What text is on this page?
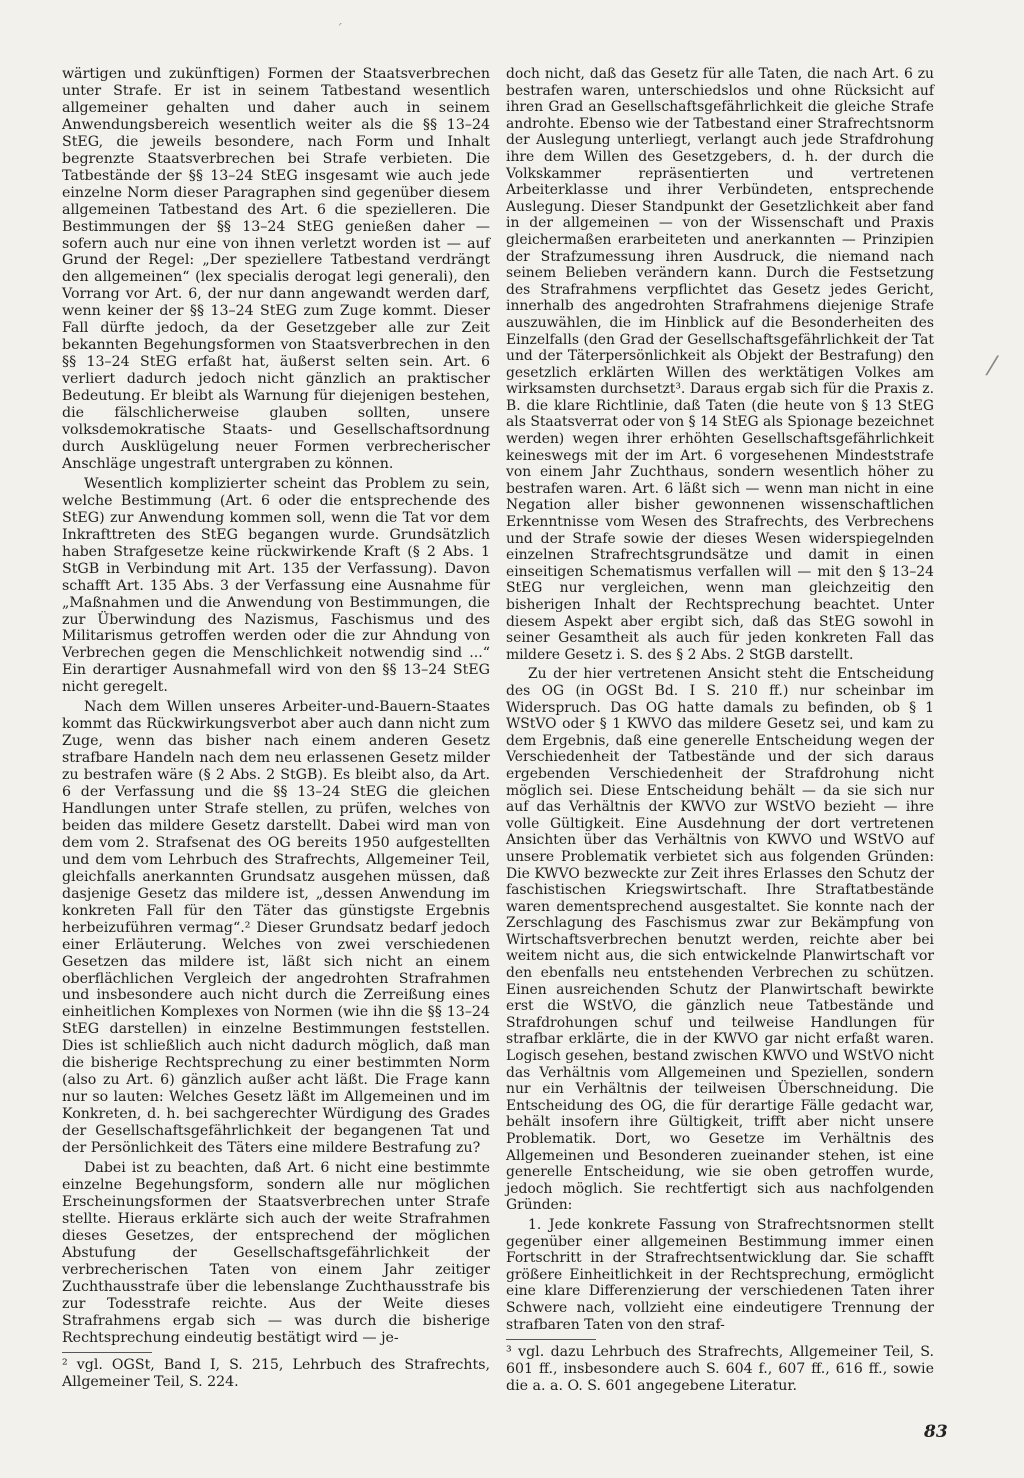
´
⁄

wärtigen und zukünftigen) Formen der Staatsverbrechen unter Strafe. Er ist in seinem Tatbestand wesentlich allgemeiner gehalten und daher auch in seinem Anwendungsbereich wesentlich weiter als die §§ 13–24 StEG, die jeweils besondere, nach Form und Inhalt begrenzte Staatsverbrechen bei Strafe verbieten. Die Tatbestände der §§ 13–24 StEG insgesamt wie auch jede einzelne Norm dieser Paragraphen sind gegenüber diesem allgemeinen Tatbestand des Art. 6 die spezielleren. Die Bestimmungen der §§ 13–24 StEG genießen daher — sofern auch nur eine von ihnen verletzt worden ist — auf Grund der Regel: „Der speziellere Tatbestand verdrängt den allgemeinen“ (lex specialis derogat legi generali), den Vorrang vor Art. 6, der nur dann angewandt werden darf, wenn keiner der §§ 13–24 StEG zum Zuge kommt. Dieser Fall dürfte jedoch, da der Gesetzgeber alle zur Zeit bekannten Begehungsformen von Staatsverbrechen in den §§ 13–24 StEG erfaßt hat, äußerst selten sein. Art. 6 verliert dadurch jedoch nicht gänzlich an praktischer Bedeutung. Er bleibt als Warnung für diejenigen bestehen, die fälschlicherweise glauben sollten, unsere volksdemokratische Staats- und Gesellschaftsordnung durch Ausklügelung neuer Formen verbrecherischer Anschläge ungestraft untergraben zu können.

Wesentlich komplizierter scheint das Problem zu sein, welche Bestimmung (Art. 6 oder die entsprechende des StEG) zur Anwendung kommen soll, wenn die Tat vor dem Inkrafttreten des StEG begangen wurde. Grundsätzlich haben Strafgesetze keine rückwirkende Kraft (§ 2 Abs. 1 StGB in Verbindung mit Art. 135 der Verfassung). Davon schafft Art. 135 Abs. 3 der Verfassung eine Ausnahme für „Maßnahmen und die Anwendung von Bestimmungen, die zur Überwindung des Nazismus, Faschismus und des Militarismus getroffen werden oder die zur Ahndung von Verbrechen gegen die Menschlichkeit notwendig sind ...“ Ein derartiger Ausnahmefall wird von den §§ 13–24 StEG nicht geregelt.

Nach dem Willen unseres Arbeiter-und-Bauern-Staates kommt das Rückwirkungsverbot aber auch dann nicht zum Zuge, wenn das bisher nach einem anderen Gesetz strafbare Handeln nach dem neu erlassenen Gesetz milder zu bestrafen wäre (§ 2 Abs. 2 StGB). Es bleibt also, da Art. 6 der Verfassung und die §§ 13–24 StEG die gleichen Handlungen unter Strafe stellen, zu prüfen, welches von beiden das mildere Gesetz darstellt. Dabei wird man von dem vom 2. Strafsenat des OG bereits 1950 aufgestellten und dem vom Lehrbuch des Strafrechts, Allgemeiner Teil, gleichfalls anerkannten Grundsatz ausgehen müssen, daß dasjenige Gesetz das mildere ist, „dessen Anwendung im konkreten Fall für den Täter das günstigste Ergebnis herbeizuführen vermag“.² Dieser Grundsatz bedarf jedoch einer Erläuterung. Welches von zwei verschiedenen Gesetzen das mildere ist, läßt sich nicht an einem oberflächlichen Vergleich der angedrohten Strafrahmen und insbesondere auch nicht durch die Zerreißung eines einheitlichen Komplexes von Normen (wie ihn die §§ 13–24 StEG darstellen) in einzelne Bestimmungen feststellen. Dies ist schließlich auch nicht dadurch möglich, daß man die bisherige Rechtsprechung zu einer bestimmten Norm (also zu Art. 6) gänzlich außer acht läßt. Die Frage kann nur so lauten: Welches Gesetz läßt im Allgemeinen und im Konkreten, d. h. bei sachgerechter Würdigung des Grades der Gesellschaftsgefährlichkeit der begangenen Tat und der Persönlichkeit des Täters eine mildere Bestrafung zu?

Dabei ist zu beachten, daß Art. 6 nicht eine bestimmte einzelne Begehungsform, sondern alle nur möglichen Erscheinungsformen der Staatsverbrechen unter Strafe stellte. Hieraus erklärte sich auch der weite Strafrahmen dieses Gesetzes, der entsprechend der möglichen Abstufung der Gesellschaftsgefährlichkeit der verbrecherischen Taten von einem Jahr zeitiger Zuchthausstrafe über die lebenslange Zuchthausstrafe bis zur Todesstrafe reichte. Aus der Weite dieses Strafrahmens ergab sich — was durch die bisherige Rechtsprechung eindeutig bestätigt wird — je-

² vgl. OGSt, Band I, S. 215, Lehrbuch des Strafrechts, Allgemeiner Teil, S. 224.

doch nicht, daß das Gesetz für alle Taten, die nach Art. 6 zu bestrafen waren, unterschiedslos und ohne Rücksicht auf ihren Grad an Gesellschaftsgefährlichkeit die gleiche Strafe androhte. Ebenso wie der Tatbestand einer Strafrechtsnorm der Auslegung unterliegt, verlangt auch jede Strafdrohung ihre dem Willen des Gesetzgebers, d. h. der durch die Volkskammer repräsentierten und vertretenen Arbeiterklasse und ihrer Verbündeten, entsprechende Auslegung. Dieser Standpunkt der Gesetzlichkeit aber fand in der allgemeinen — von der Wissenschaft und Praxis gleichermaßen erarbeiteten und anerkannten — Prinzipien der Strafzumessung ihren Ausdruck, die niemand nach seinem Belieben verändern kann. Durch die Festsetzung des Strafrahmens verpflichtet das Gesetz jedes Gericht, innerhalb des angedrohten Strafrahmens diejenige Strafe auszuwählen, die im Hinblick auf die Besonderheiten des Einzelfalls (den Grad der Gesellschaftsgefährlichkeit der Tat und der Täterpersönlichkeit als Objekt der Bestrafung) den gesetzlich erklärten Willen des werktätigen Volkes am wirksamsten durchsetzt³. Daraus ergab sich für die Praxis z. B. die klare Richtlinie, daß Taten (die heute von § 13 StEG als Staatsverrat oder von § 14 StEG als Spionage bezeichnet werden) wegen ihrer erhöhten Gesellschaftsgefährlichkeit keineswegs mit der im Art. 6 vorgesehenen Mindeststrafe von einem Jahr Zuchthaus, sondern wesentlich höher zu bestrafen waren. Art. 6 läßt sich — wenn man nicht in eine Negation aller bisher gewonnenen wissenschaftlichen Erkenntnisse vom Wesen des Strafrechts, des Verbrechens und der Strafe sowie der dieses Wesen widerspiegelnden einzelnen Strafrechtsgrundsätze und damit in einen einseitigen Schematismus verfallen will — mit den § 13–24 StEG nur vergleichen, wenn man gleichzeitig den bisherigen Inhalt der Rechtsprechung beachtet. Unter diesem Aspekt aber ergibt sich, daß das StEG sowohl in seiner Gesamtheit als auch für jeden konkreten Fall das mildere Gesetz i. S. des § 2 Abs. 2 StGB darstellt.

Zu der hier vertretenen Ansicht steht die Entscheidung des OG (in OGSt Bd. I S. 210 ff.) nur scheinbar im Widerspruch. Das OG hatte damals zu befinden, ob § 1 WStVO oder § 1 KWVO das mildere Gesetz sei, und kam zu dem Ergebnis, daß eine generelle Entscheidung wegen der Verschiedenheit der Tatbestände und der sich daraus ergebenden Verschiedenheit der Strafdrohung nicht möglich sei. Diese Entscheidung behält — da sie sich nur auf das Verhältnis der KWVO zur WStVO bezieht — ihre volle Gültigkeit. Eine Ausdehnung der dort vertretenen Ansichten über das Verhältnis von KWVO und WStVO auf unsere Problematik verbietet sich aus folgenden Gründen: Die KWVO bezweckte zur Zeit ihres Erlasses den Schutz der faschistischen Kriegswirtschaft. Ihre Straftatbestände waren dementsprechend ausgestaltet. Sie konnte nach der Zerschlagung des Faschismus zwar zur Bekämpfung von Wirtschaftsverbrechen benutzt werden, reichte aber bei weitem nicht aus, die sich entwickelnde Planwirtschaft vor den ebenfalls neu entstehenden Verbrechen zu schützen. Einen ausreichenden Schutz der Planwirtschaft bewirkte erst die WStVO, die gänzlich neue Tatbestände und Strafdrohungen schuf und teilweise Handlungen für strafbar erklärte, die in der KWVO gar nicht erfaßt waren. Logisch gesehen, bestand zwischen KWVO und WStVO nicht das Verhältnis vom Allgemeinen und Speziellen, sondern nur ein Verhältnis der teilweisen Überschneidung. Die Entscheidung des OG, die für derartige Fälle gedacht war, behält insofern ihre Gültigkeit, trifft aber nicht unsere Problematik. Dort, wo Gesetze im Verhältnis des Allgemeinen und Besonderen zueinander stehen, ist eine generelle Entscheidung, wie sie oben getroffen wurde, jedoch möglich. Sie rechtfertigt sich aus nachfolgenden Gründen:

1. Jede konkrete Fassung von Strafrechtsnormen stellt gegenüber einer allgemeinen Bestimmung immer einen Fortschritt in der Strafrechtsentwicklung dar. Sie schafft größere Einheitlichkeit in der Rechtsprechung, ermöglicht eine klare Differenzierung der verschiedenen Taten ihrer Schwere nach, vollzieht eine eindeutigere Trennung der strafbaren Taten von den straf-

³ vgl. dazu Lehrbuch des Strafrechts, Allgemeiner Teil, S. 601 ff., insbesondere auch S. 604 f., 607 ff., 616 ff., sowie die a. a. O. S. 601 angegebene Literatur.

83
